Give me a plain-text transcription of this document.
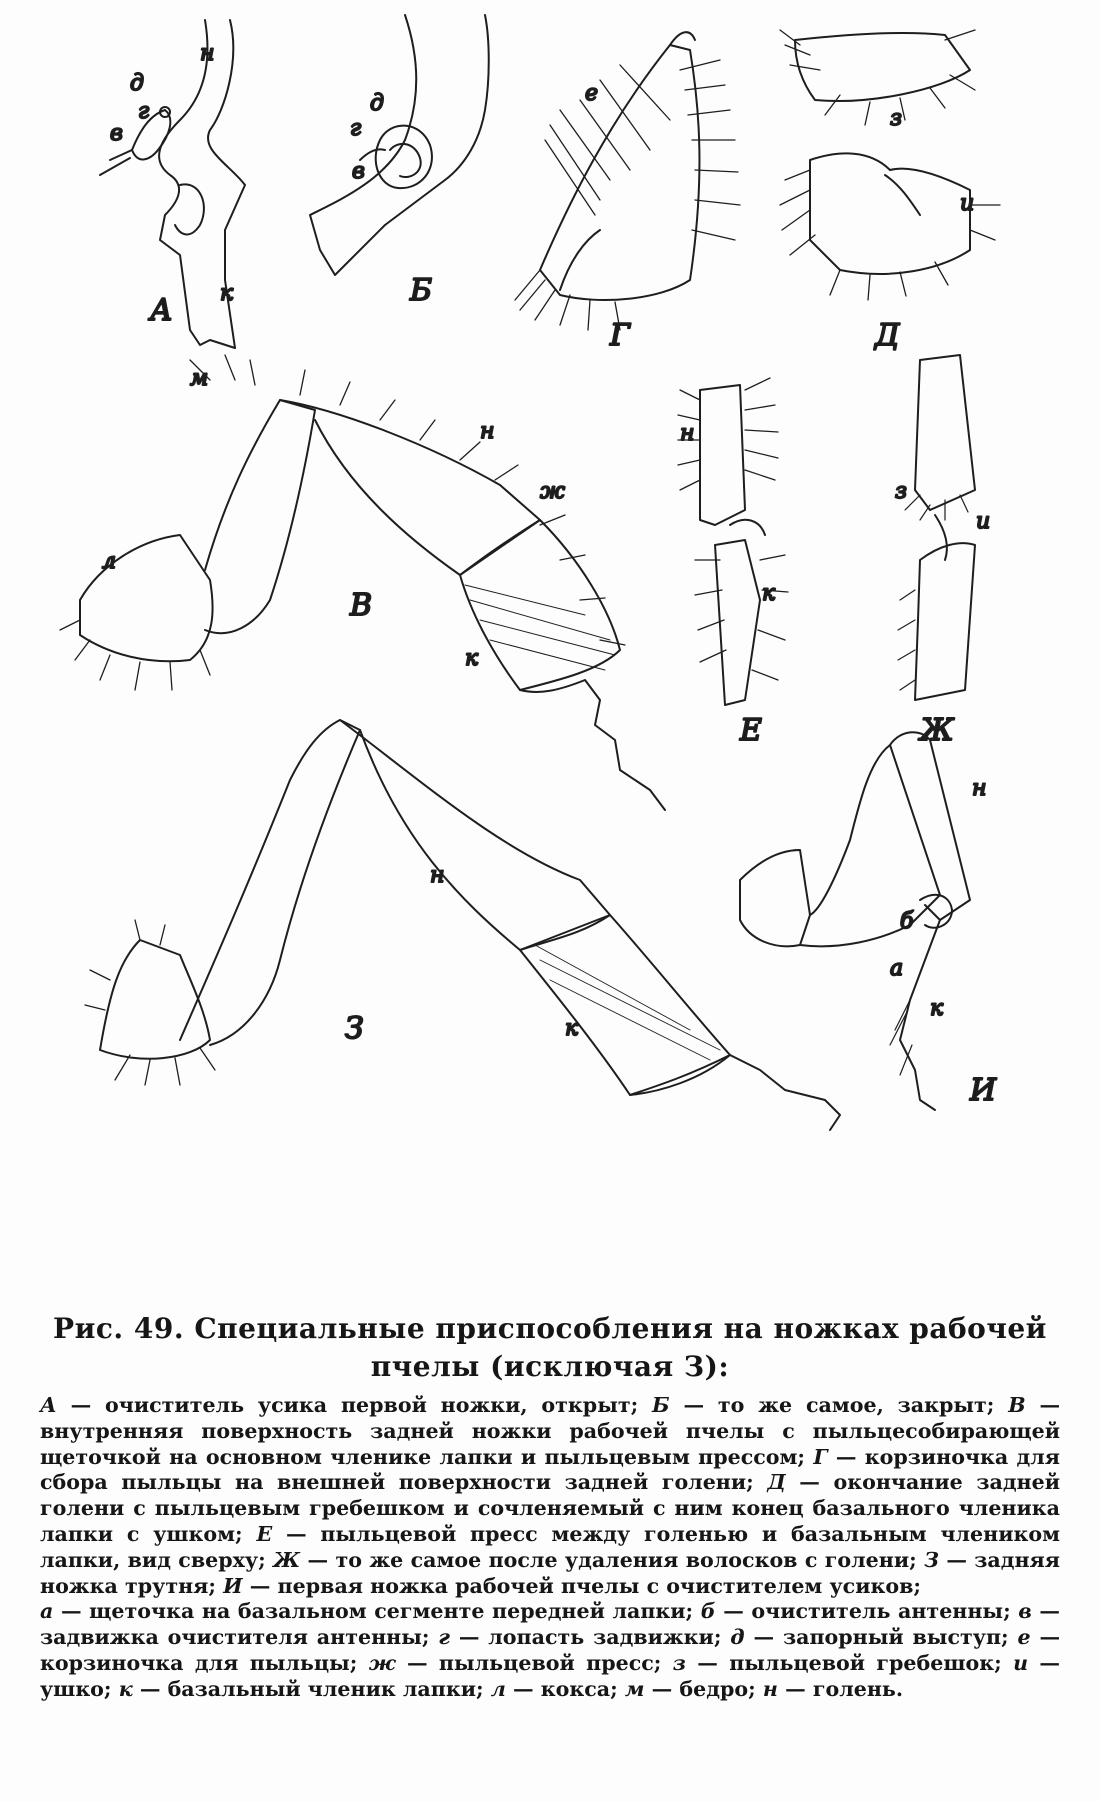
д
г
в
н
к
А
д
г
в
Б
е
Г
з
и
Д
м
н
ж
л
к
В
н
к
Е
з
и
Ж
н
к
З
н
б
а
к
И
Рис. 49. Специальные приспособления на ножках рабочей пчелы (исключая З):

А — очиститель усика первой ножки, открыт; Б — то же самое, закрыт; В — внутренняя поверхность задней ножки рабочей пчелы с пыльцесобирающей щеточкой на основном членике лапки и пыльцевым прессом; Г — корзиночка для сбора пыльцы на внешней поверхности задней голени; Д — окончание задней голени с пыльцевым гребешком и сочленяемый с ним конец базального членика лапки с ушком; Е — пыльцевой пресс между голенью и базальным члеником лапки, вид сверху; Ж — то же самое после удаления волосков с голени; З — задняя ножка трутня; И — первая ножка рабочей пчелы с очистителем усиков;

а — щеточка на базальном сегменте передней лапки; б — очиститель антенны; в — задвижка очистителя антенны; г — лопасть задвижки; д — запорный выступ; е — корзиночка для пыльцы; ж — пыльцевой пресс; з — пыльцевой гребешок; и — ушко; к — базальный членик лапки; л — кокса; м — бедро; н — голень.
